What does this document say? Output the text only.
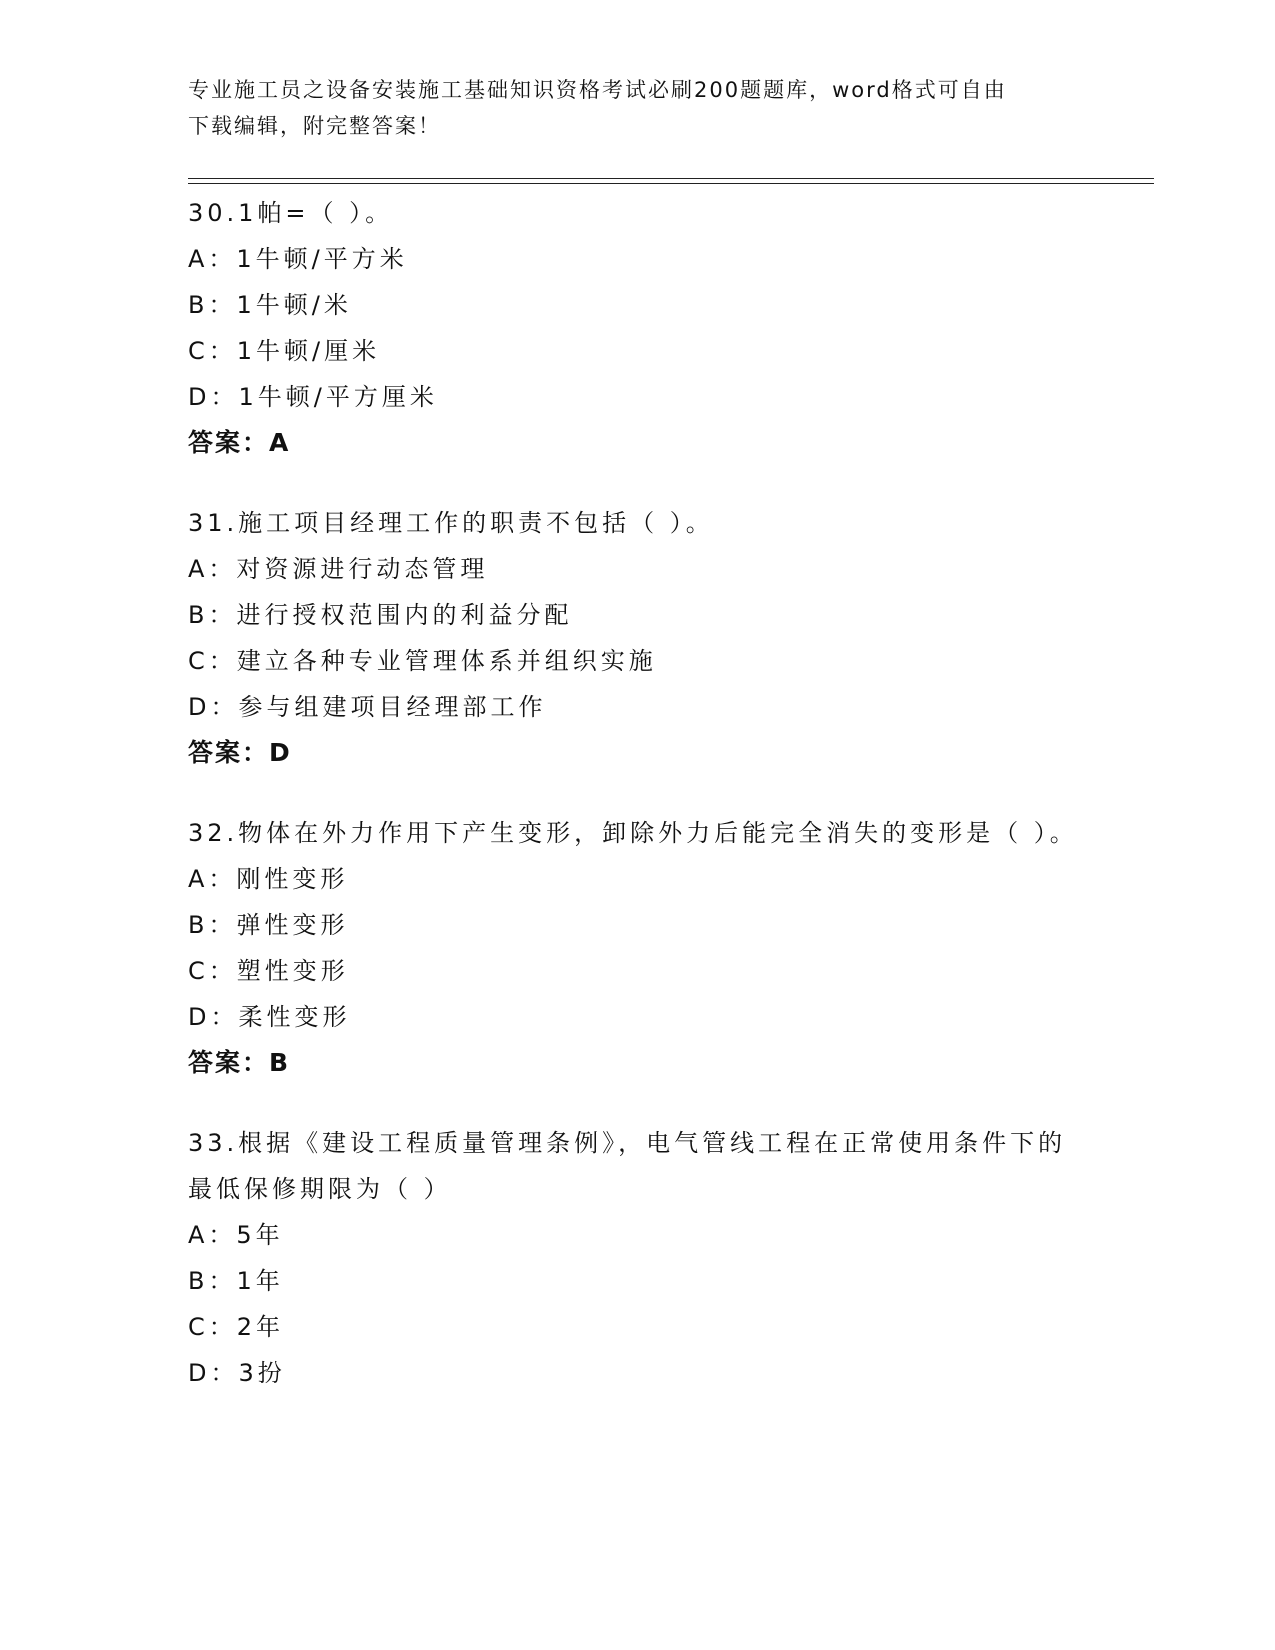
专业施工员之设备安装施工基础知识资格考试必刷200题题库，word格式可自由
下载编辑，附完整答案！
30.1帕=（ ）。
A：1牛顿/平方米
B：1牛顿/米
C：1牛顿/厘米
D：1牛顿/平方厘米
答案：A
31.施工项目经理工作的职责不包括（ ）。
A：对资源进行动态管理
B：进行授权范围内的利益分配
C：建立各种专业管理体系并组织实施
D：参与组建项目经理部工作
答案：D
32.物体在外力作用下产生变形，卸除外力后能完全消失的变形是（ ）。
A：刚性变形
B：弹性变形
C：塑性变形
D：柔性变形
答案：B
33.根据《建设工程质量管理条例》，电气管线工程在正常使用条件下的最低保修期限为（ ）
A：5年
B：1年
C：2年
D：3扮
